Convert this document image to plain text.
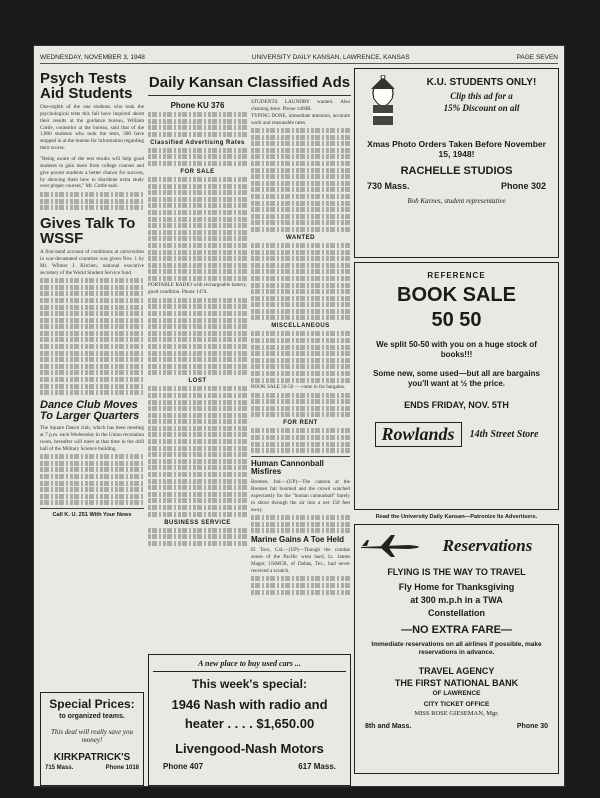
WEDNESDAY, NOVEMBER 3, 1948	UNIVERSITY DAILY KANSAN, LAWRENCE, KANSAS	PAGE SEVEN
Psych Tests Aid Students

One-eighth of the one students who took the psychological tests this fall have inquired about their results at the guidance bureau, William Cottle, counselor at the bureau, said that of the 1,800 students who took the tests, 300 have stopped in at the bureau for information regarding their scores.

"Being aware of the test results will help good students to gain more from college courses and give poorer students a better chance for success, by showing them how to distribute extra study over proper courses," Mr. Cottle said.

Gives Talk To WSSF

A first-hand account of conditions at universities in war-devastated countries was given Nov. 1 by Mr. Wilmer J. Kitchen, national executive secretary of the World Student Service fund.

Dance Club Moves To Larger Quarters

The Square Dance club, which has been meeting at 7 p.m. each Wednesday in the Union recreation room, hereafter will meet at that time in the drill hall of the Military Science building.

Call K. U. 251 With Your News
Special Prices:
to organized teams.
This deal will really save you money!
KIRKPATRICK'S
715 Mass.	Phone 1018
Daily Kansan Classified Ads
Phone KU 376
Classified Advertising Rates
FOR SALE

PORTABLE RADIO with rechargeable battery, good condition. Phone 1474.

LOST
BUSINESS SERVICE

STUDENTS LAUNDRY wanted. Also cleaning done. Phone 1469R.

TYPING DONE, immediate attention, accurate work and reasonable rates.

WANTED
MISCELLANEOUS

BOOK SALE 50-50 — come in for bargains.

FOR RENT
Human Cannonball Misfires

Bremen, Ind.—(UP)—The cannon at the Bremen fair boomed and the crowd watched expectantly for the "human cannonball" barely to shoot through the air into a net 150 feet away.

Marine Gains A Toe Held

El Toro, Cal.—(UP)—Though the combat zones of the Pacific went hard, Lt. James Mager, USMCR, of Dallas, Tex., had never received a scratch.

A new place to buy used cars ...
This week's special:
1946 Nash with radio and
heater . . . . $1,650.00
Livengood-Nash Motors
Phone 407	617 Mass.
K.U. STUDENTS ONLY!
Clip this ad for a
15% Discount on all
Xmas Photo Orders Taken Before November 15, 1948!
RACHELLE STUDIOS
730 Mass.	Phone 302
Bob Karnes, student representative
REFERENCE
BOOK SALE
50 50
We split 50-50 with you on a huge stock of books!!!
Some new, some used—but all are bargains you'll want at ½ the price.
ENDS FRIDAY, NOV. 5TH
Rowlands	14th Street Store
Read the University Daily Kansan—Patronize Its Advertisers.
Reservations
FLYING IS THE WAY TO TRAVEL
Fly Home for Thanksgiving
at 300 m.p.h in a TWA
Constellation
—NO EXTRA FARE—
Immediate reservations on all airlines if possible, make reservations in advance.
TRAVEL AGENCY
THE FIRST NATIONAL BANK
OF LAWRENCE
CITY TICKET OFFICE
MISS ROSE GIESEMAN, Mgr.
8th and Mass.	Phone 30
